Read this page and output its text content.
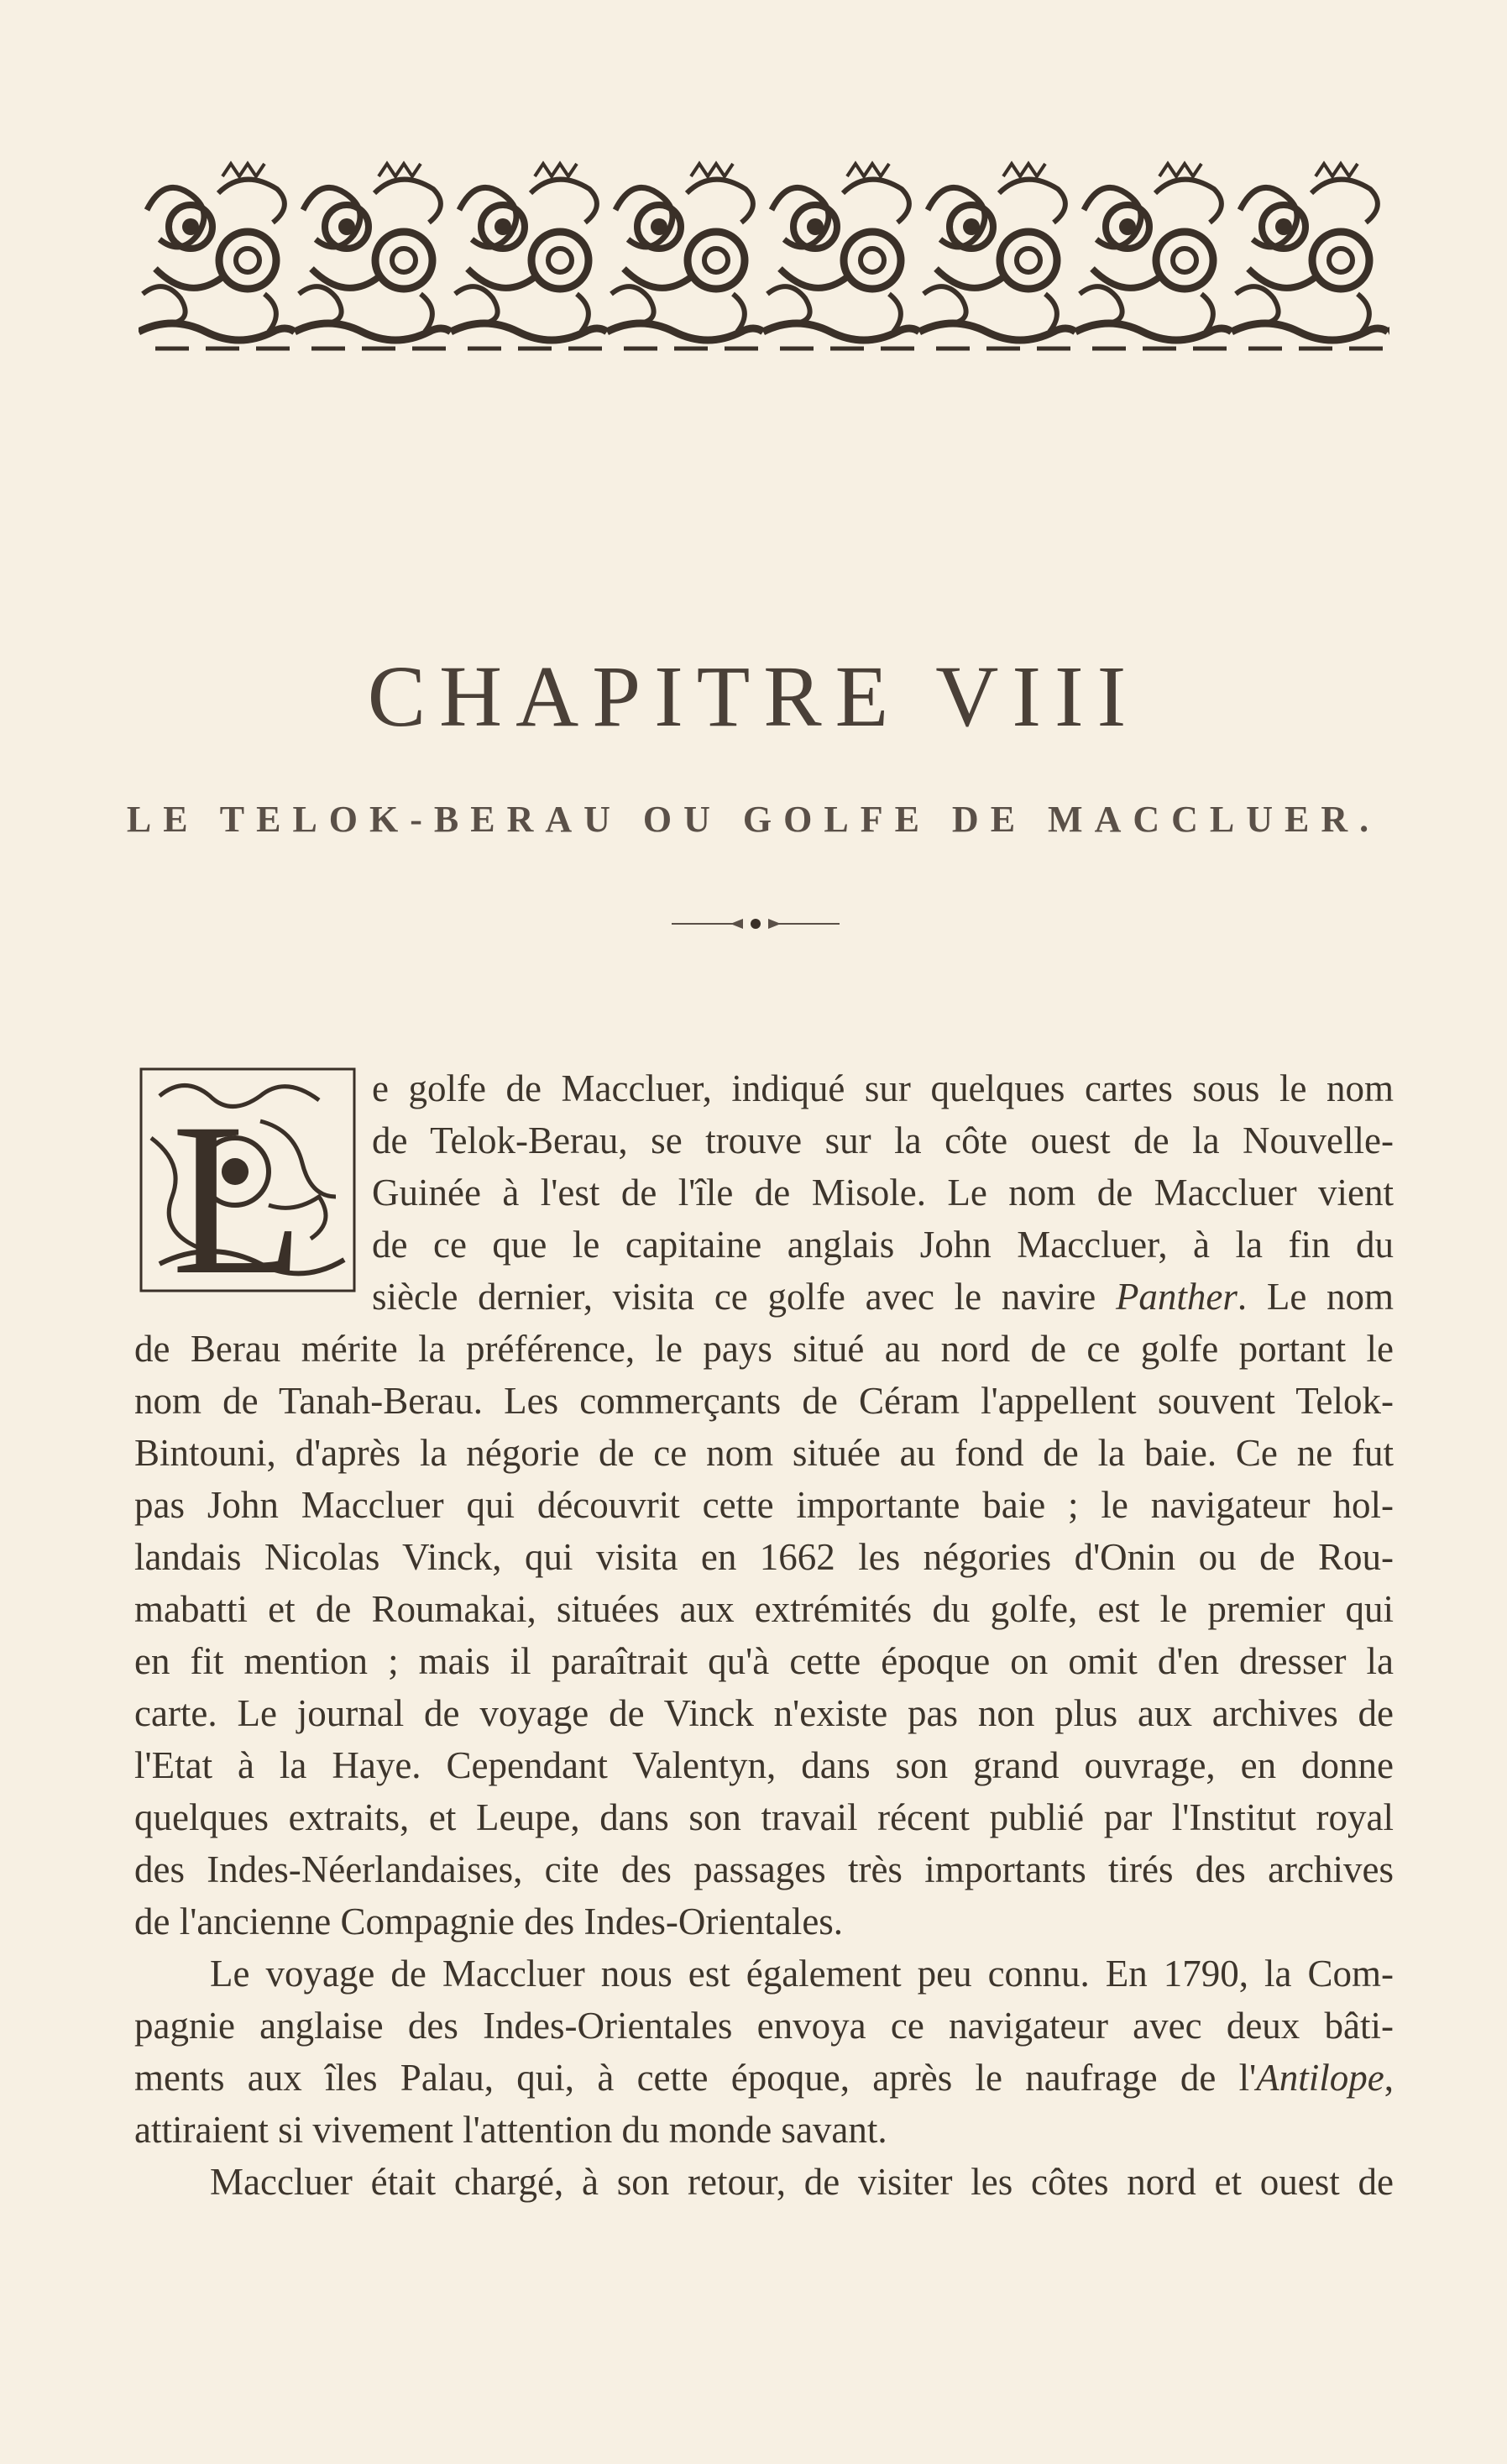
CHAPITRE VIII
LE TELOK-BERAU OU GOLFE DE MACCLUER.
L e golfe de Maccluer, indiqué sur quelques cartes sous le nom
de Telok-Berau, se trouve sur la côte ouest de la Nouvelle-
Guinée à l'est de l'île de Misole. Le nom de Maccluer vient
de ce que le capitaine anglais John Maccluer, à la fin du
siècle dernier, visita ce golfe avec le navire Panther. Le nom
de Berau mérite la préférence, le pays situé au nord de ce golfe portant le
nom de Tanah-Berau. Les commerçants de Céram l'appellent souvent Telok-
Bintouni, d'après la négorie de ce nom située au fond de la baie. Ce ne fut
pas John Maccluer qui découvrit cette importante baie ; le navigateur hol-
landais Nicolas Vinck, qui visita en 1662 les négories d'Onin ou de Rou-
mabatti et de Roumakai, situées aux extrémités du golfe, est le premier qui
en fit mention ; mais il paraîtrait qu'à cette époque on omit d'en dresser la
carte. Le journal de voyage de Vinck n'existe pas non plus aux archives de
l'Etat à la Haye. Cependant Valentyn, dans son grand ouvrage, en donne
quelques extraits, et Leupe, dans son travail récent publié par l'Institut royal
des Indes-Néerlandaises, cite des passages très importants tirés des archives
de l'ancienne Compagnie des Indes-Orientales.
Le voyage de Maccluer nous est également peu connu. En 1790, la Com-
pagnie anglaise des Indes-Orientales envoya ce navigateur avec deux bâti-
ments aux îles Palau, qui, à cette époque, après le naufrage de l'Antilope,
attiraient si vivement l'attention du monde savant.
Maccluer était chargé, à son retour, de visiter les côtes nord et ouest de
